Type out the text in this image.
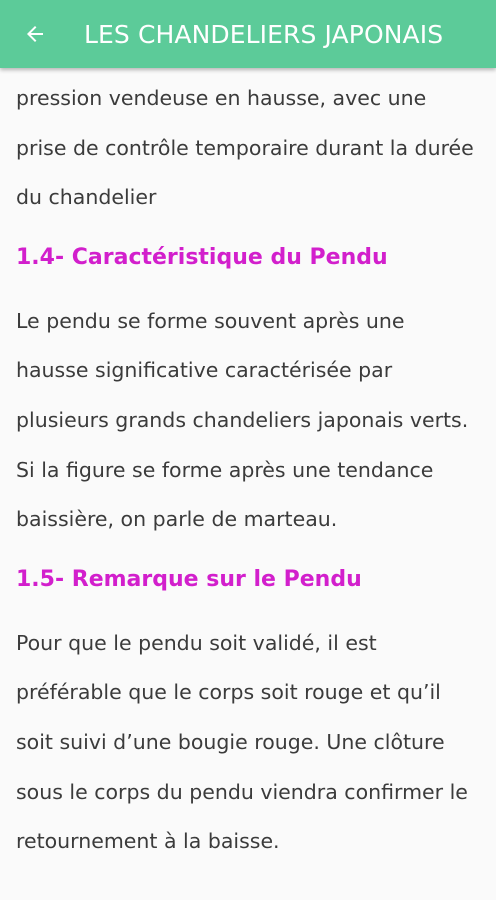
LES CHANDELIERS JAPONAIS

pression vendeuse en hausse, avec une prise de contrôle temporaire durant la durée du chandelier

1.4- Caractéristique du Pendu

Le pendu se forme souvent après une hausse significative caractérisée par plusieurs grands chandeliers japonais verts. Si la figure se forme après une tendance baissière, on parle de marteau.

1.5- Remarque sur le Pendu

Pour que le pendu soit validé, il est préférable que le corps soit rouge et qu’il soit suivi d’une bougie rouge. Une clôture sous le corps du pendu viendra confirmer le retournement à la baisse.
